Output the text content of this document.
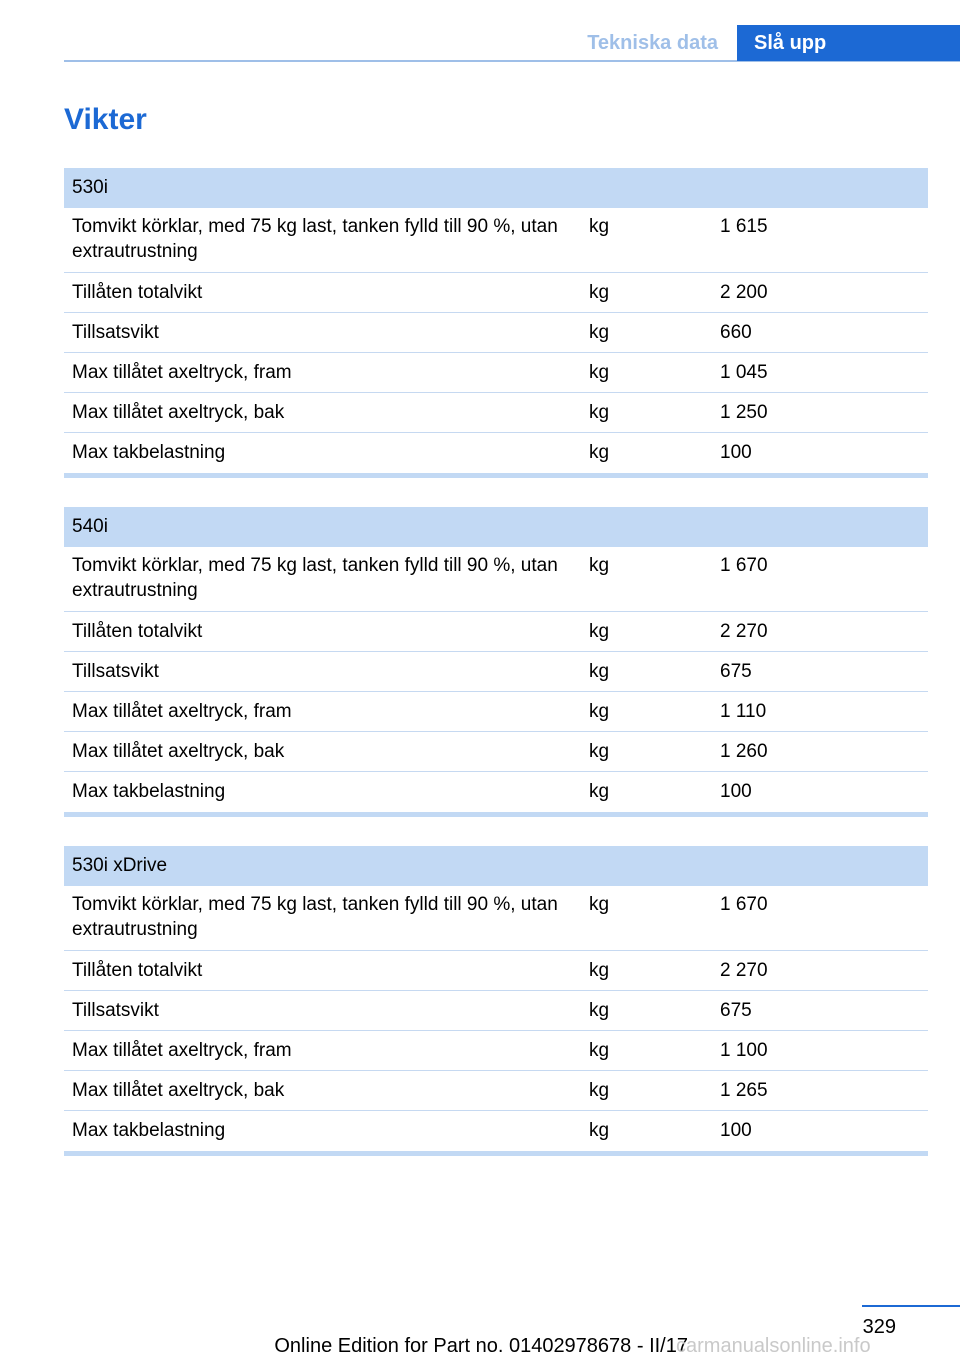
Tekniska data	Slå upp
Vikter
530i
Tomvikt körklar, med 75 kg last, tanken fylld till 90 %, utan extrautrustning
kg	1 615
Tillåten totalvikt	kg	2 200
Tillsatsvikt	kg	660
Max tillåtet axeltryck, fram	kg	1 045
Max tillåtet axeltryck, bak	kg	1 250
Max takbelastning	kg	100
540i
Tomvikt körklar, med 75 kg last, tanken fylld till 90 %, utan extrautrustning
kg	1 670
Tillåten totalvikt	kg	2 270
Tillsatsvikt	kg	675
Max tillåtet axeltryck, fram	kg	1 110
Max tillåtet axeltryck, bak	kg	1 260
Max takbelastning	kg	100
530i xDrive
Tomvikt körklar, med 75 kg last, tanken fylld till 90 %, utan extrautrustning
kg	1 670
Tillåten totalvikt	kg	2 270
Tillsatsvikt	kg	675
Max tillåtet axeltryck, fram	kg	1 100
Max tillåtet axeltryck, bak	kg	1 265
Max takbelastning	kg	100
329
Online Edition for Part no. 01402978678 - II/17
carmanualsonline.info
